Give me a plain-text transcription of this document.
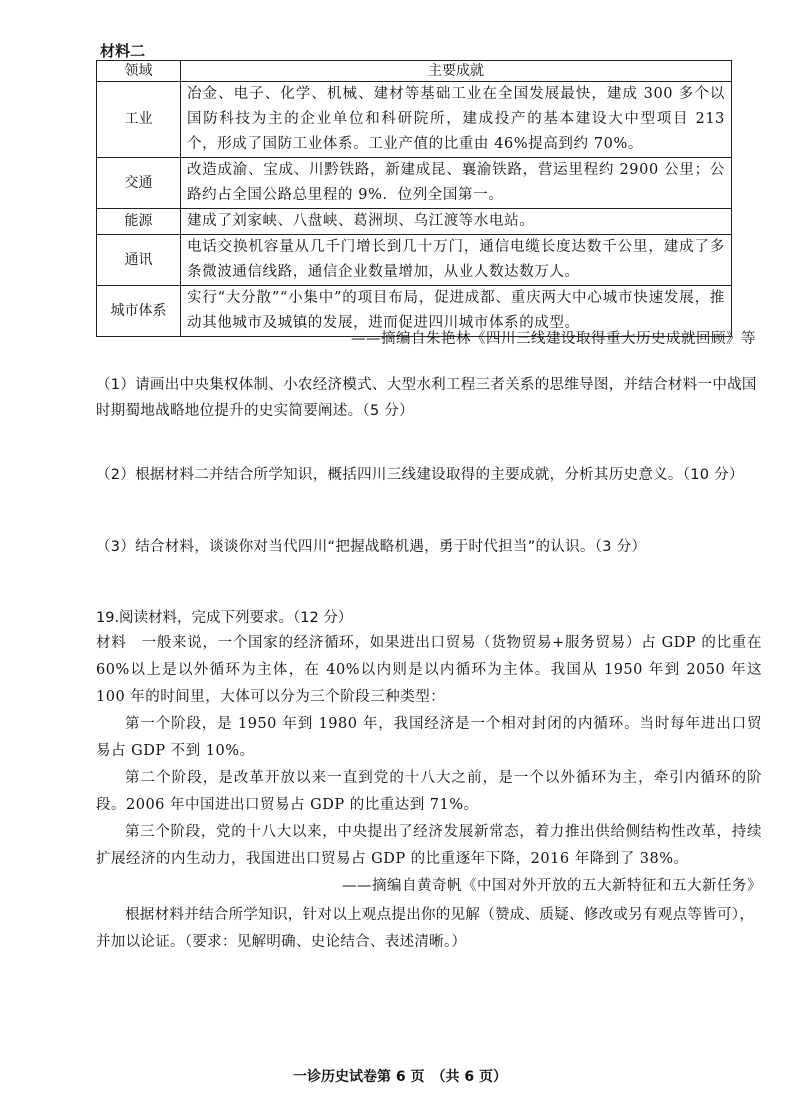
材料二
领域	主要成就
工业	冶金、电子、化学、机械、建材等基础工业在全国发展最快，建成 300 多个以国防科技为主的企业单位和科研院所，建成投产的基本建设大中型项目 213 个，形成了国防工业体系。工业产值的比重由 46%提高到约 70%。
交通	改造成渝、宝成、川黔铁路，新建成昆、襄渝铁路，营运里程约 2900 公里；公路约占全国公路总里程的 9%．位列全国第一。
能源	建成了刘家峡、八盘峡、葛洲坝、乌江渡等水电站。
通讯	电话交换机容量从几千门增长到几十万门，通信电缆长度达数千公里，建成了多条微波通信线路，通信企业数量增加，从业人数达数万人。
城市体系	实行“大分散”“小集中”的项目布局，促进成都、重庆两大中心城市快速发展，推动其他城市及城镇的发展，进而促进四川城市体系的成型。
——摘编自朱艳林《四川三线建设取得重大历史成就回顾》等
（1）请画出中央集权体制、小农经济模式、大型水利工程三者关系的思维导图，并结合材料一中战国时期蜀地战略地位提升的史实简要阐述。（5 分）
（2）根据材料二并结合所学知识，概括四川三线建设取得的主要成就，分析其历史意义。（10 分）
（3）结合材料，谈谈你对当代四川“把握战略机遇，勇于时代担当”的认识。（3 分）
19.阅读材料，完成下列要求。（12 分）

材料　一般来说，一个国家的经济循环，如果进出口贸易（货物贸易+服务贸易）占 GDP 的比重在 60%以上是以外循环为主体，在 40%以内则是以内循环为主体。我国从 1950 年到 2050 年这 100 年的时间里，大体可以分为三个阶段三种类型：

第一个阶段，是 1950 年到 1980 年，我国经济是一个相对封闭的内循环。当时每年进出口贸易占 GDP 不到 10%。

第二个阶段，是改革开放以来一直到党的十八大之前，是一个以外循环为主，牵引内循环的阶段。2006 年中国进出口贸易占 GDP 的比重达到 71%。

第三个阶段，党的十八大以来，中央提出了经济发展新常态，着力推出供给侧结构性改革，持续扩展经济的内生动力，我国进出口贸易占 GDP 的比重逐年下降，2016 年降到了 38%。

——摘编自黄奇帆《中国对外开放的五大新特征和五大新任务》

根据材料并结合所学知识，针对以上观点提出你的见解（赞成、质疑、修改或另有观点等皆可），并加以论证。（要求：见解明确、史论结合、表述清晰。）
一诊历史试卷第 6 页　（共 6 页）
